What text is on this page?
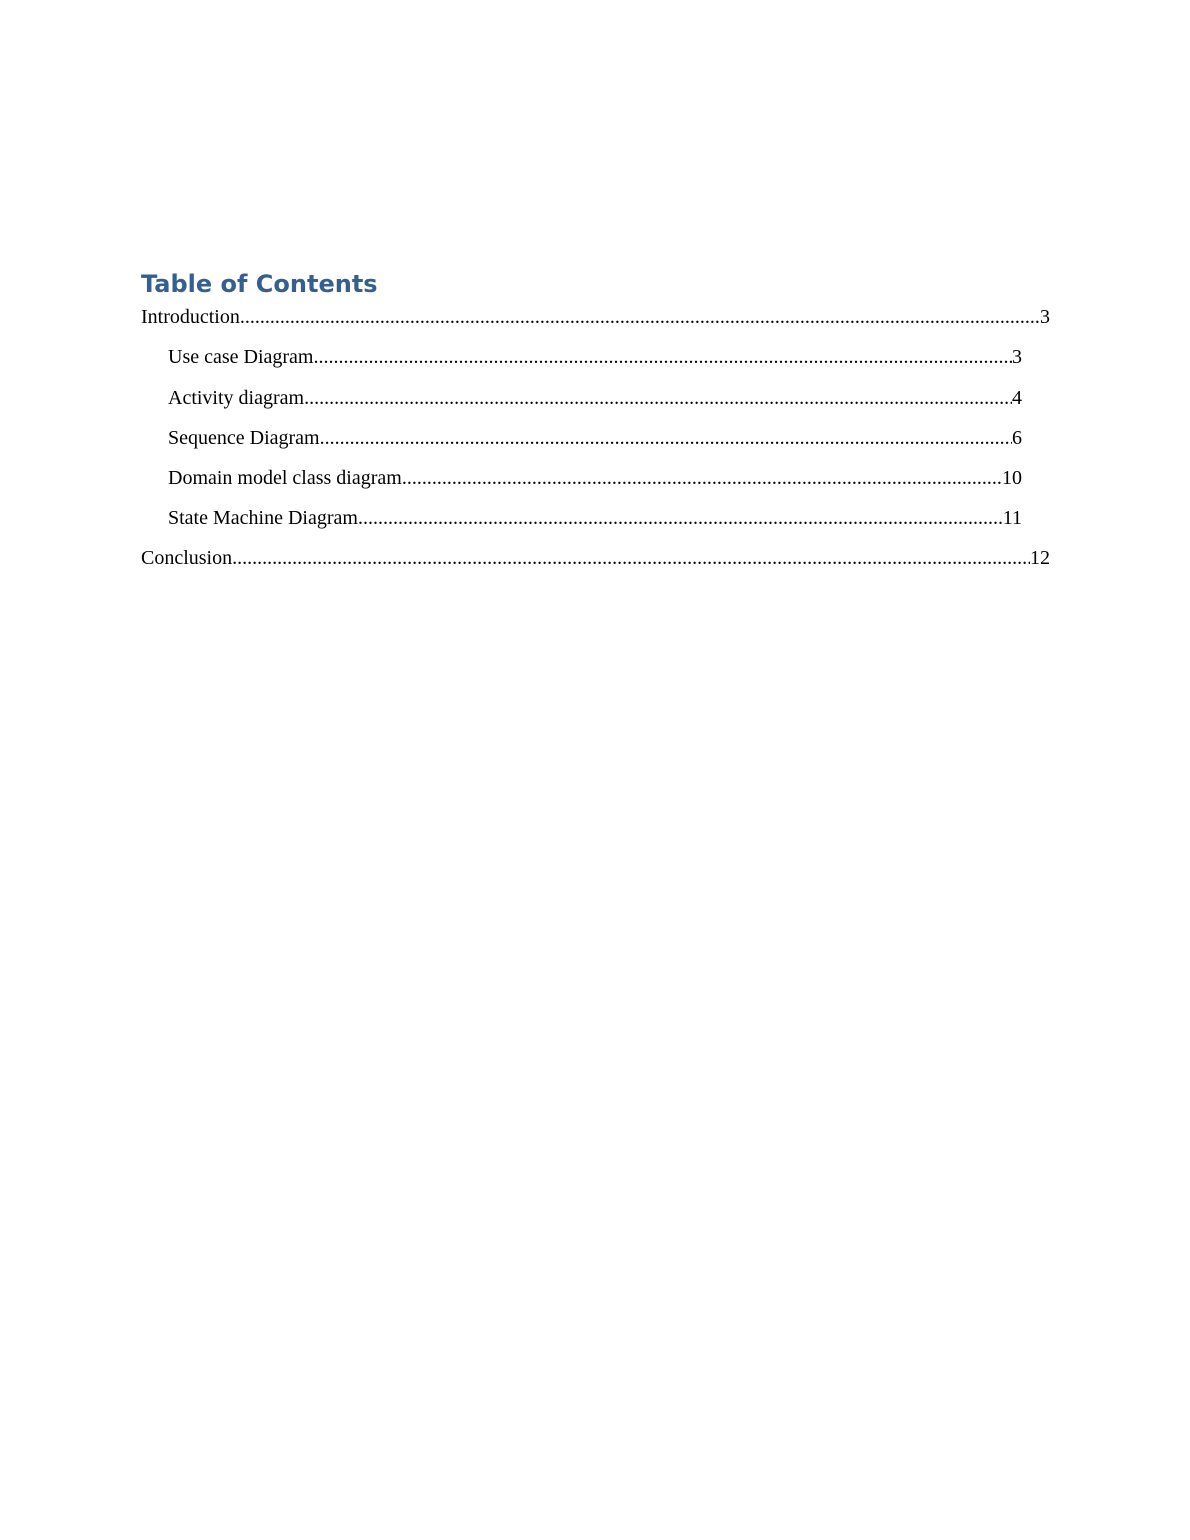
Table of Contents
Introduction .....	3
Use case Diagram .....	3
Activity diagram .....	4
Sequence Diagram .....	6
Domain model class diagram .....	10
State Machine Diagram .....	11
Conclusion .....	12
